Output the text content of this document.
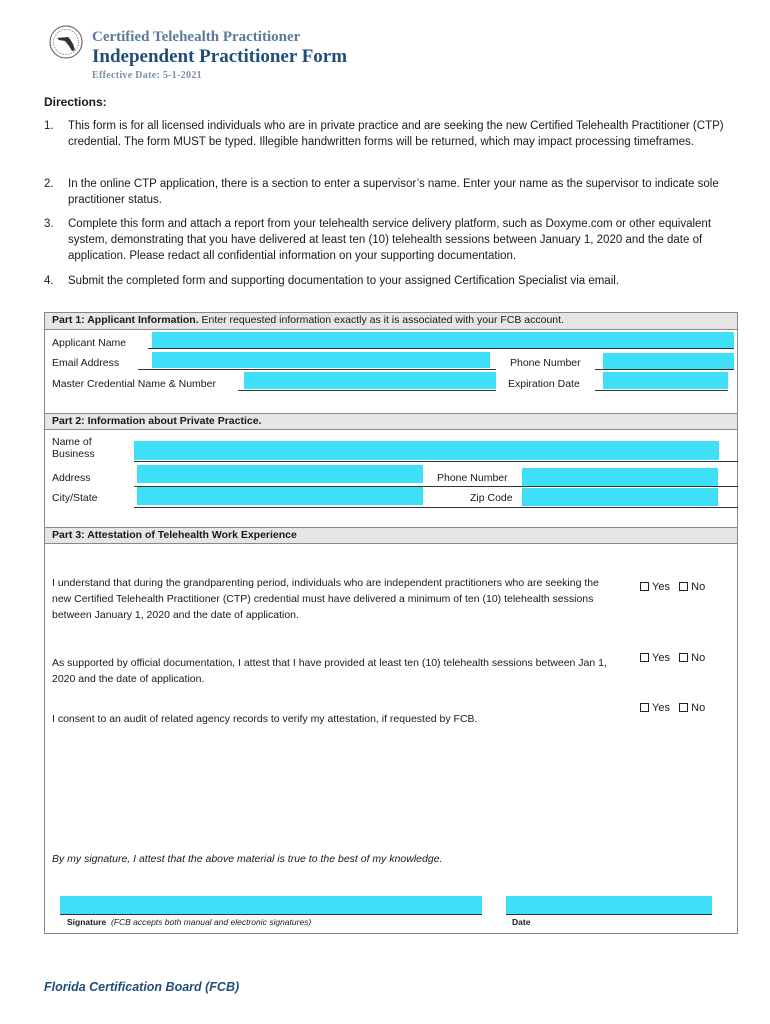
Certified Telehealth Practitioner
Independent Practitioner Form
Effective Date: 5-1-2021
Directions:
1.	This form is for all licensed individuals who are in private practice and are seeking the new Certified Telehealth Practitioner (CTP) credential. The form MUST be typed. Illegible handwritten forms will be returned, which may impact processing timeframes.
2.	In the online CTP application, there is a section to enter a supervisor’s name. Enter your name as the supervisor to indicate sole practitioner status.
3.	Complete this form and attach a report from your telehealth service delivery platform, such as Doxyme.com or other equivalent system, demonstrating that you have delivered at least ten (10) telehealth sessions between January 1, 2020 and the date of application. Please redact all confidential information on your supporting documentation.
4.	Submit the completed form and supporting documentation to your assigned Certification Specialist via email.
Part 1: Applicant Information. Enter requested information exactly as it is associated with your FCB account.
Applicant Name
Email Address	Phone Number
Master Credential Name & Number	Expiration Date
Part 2: Information about Private Practice.
Name of
Business
Address	Phone Number
City/State	Zip Code
Part 3: Attestation of Telehealth Work Experience
I understand that during the grandparenting period, individuals who are independent practitioners who are seeking the new Certified Telehealth Practitioner (CTP) credential must have delivered a minimum of ten (10) telehealth sessions between January 1, 2020 and the date of application.
Yes No
As supported by official documentation, I attest that I have provided at least ten (10) telehealth sessions between Jan 1, 2020 and the date of application.
Yes No
I consent to an audit of related agency records to verify my attestation, if requested by FCB.
Yes No
By my signature, I attest that the above material is true to the best of my knowledge.
Signature (FCB accepts both manual and electronic signatures)	Date
Florida Certification Board (FCB)
